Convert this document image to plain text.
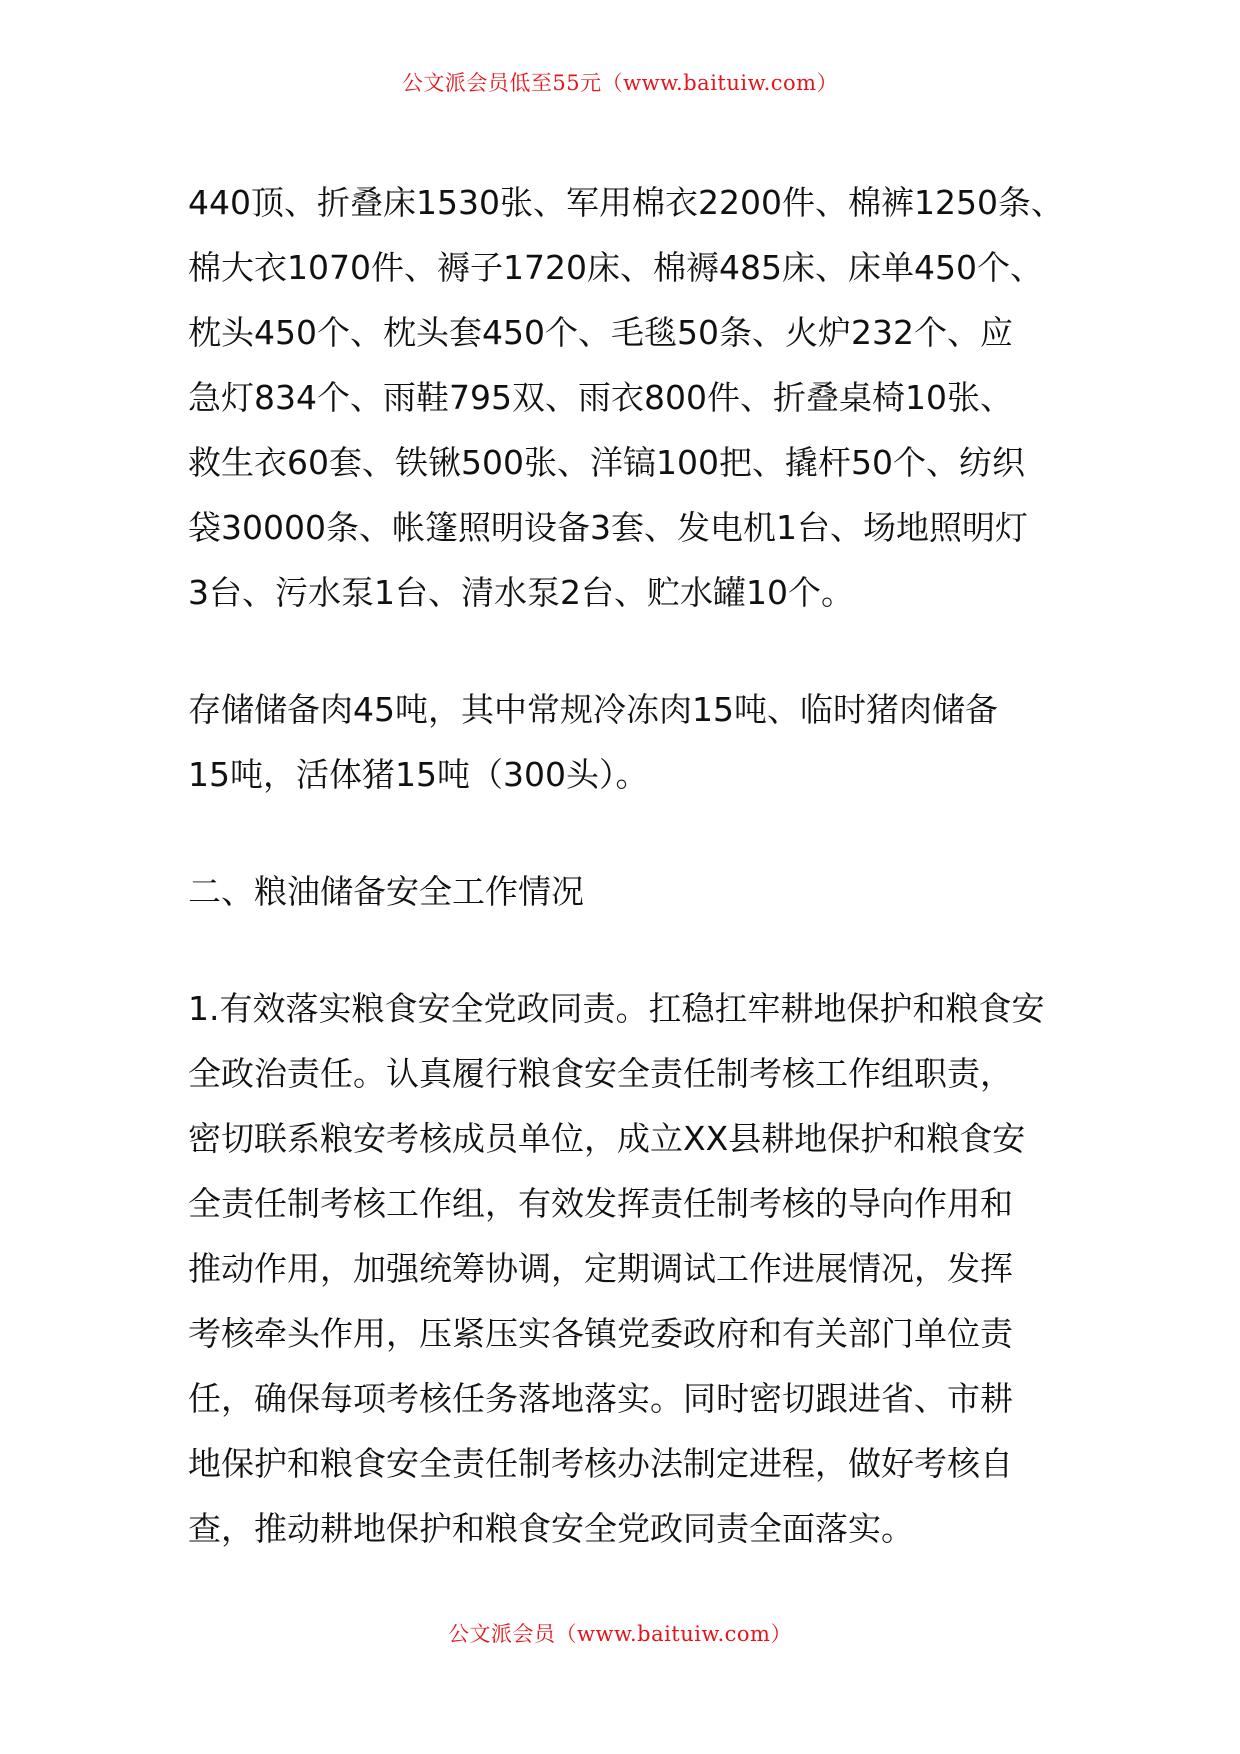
公文派会员低至55元（www.baituiw.com）
440顶、折叠床1530张、军用棉衣2200件、棉裤1250条、
棉大衣1070件、褥子1720床、棉褥485床、床单450个、
枕头450个、枕头套450个、毛毯50条、火炉232个、应
急灯834个、雨鞋795双、雨衣800件、折叠桌椅10张、
救生衣60套、铁锹500张、洋镐100把、撬杆50个、纺织
袋30000条、帐篷照明设备3套、发电机1台、场地照明灯
3台、污水泵1台、清水泵2台、贮水罐10个。
存储储备肉45吨，其中常规冷冻肉15吨、临时猪肉储备
15吨，活体猪15吨（300头）。
二、粮油储备安全工作情况
1.有效落实粮食安全党政同责。扛稳扛牢耕地保护和粮食安
全政治责任。认真履行粮食安全责任制考核工作组职责，
密切联系粮安考核成员单位，成立XX县耕地保护和粮食安
全责任制考核工作组，有效发挥责任制考核的导向作用和
推动作用，加强统筹协调，定期调试工作进展情况，发挥
考核牵头作用，压紧压实各镇党委政府和有关部门单位责
任，确保每项考核任务落地落实。同时密切跟进省、市耕
地保护和粮食安全责任制考核办法制定进程，做好考核自
查，推动耕地保护和粮食安全党政同责全面落实。
公文派会员（www.baituiw.com）
